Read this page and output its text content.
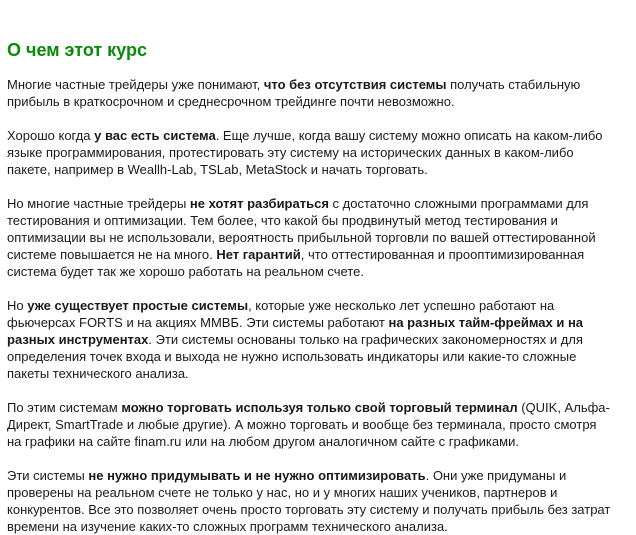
О чем этот курс
Многие частные трейдеры уже понимают, что без отсутствия системы получать стабильную
прибыль в краткосрочном и среднесрочном трейдинге почти невозможно.
Хорошо когда у вас есть система. Еще лучше, когда вашу систему можно описать на каком-либо
языке программирования, протестировать эту систему на исторических данных в каком-либо
пакете, например в Weallh-Lab, TSLab, MetaStock и начать торговать.
Но многие частные трейдеры не хотят разбираться с достаточно сложными программами для
тестирования и оптимизации. Тем более, что какой бы продвинутый метод тестирования и
оптимизации вы не использовали, вероятность прибыльной торговли по вашей оттестированной
системе повышается не на много. Нет гарантий, что оттестированная и прооптимизированная
система будет так же хорошо работать на реальном счете.
Но уже существует простые системы, которые уже несколько лет успешно работают на
фьючерсах FORTS и на акциях ММВБ. Эти системы работают на разных тайм-фреймах и на
разных инструментах. Эти системы основаны только на графических закономерностях и для
определения точек входа и выхода не нужно использовать индикаторы или какие-то сложные
пакеты технического анализа.
По этим системам можно торговать используя только свой торговый терминал (QUIK, Альфа-
Директ, SmartTrade и любые другие). А можно торговать и вообще без терминала, просто смотря
на графики на сайте finam.ru или на любом другом аналогичном сайте с графиками.
Эти системы не нужно придумывать и не нужно оптимизировать. Они уже придуманы и
проверены на реальном счете не только у нас, но и у многих наших учеников, партнеров и
конкурентов. Все это позволяет очень просто торговать эту систему и получать прибыль без затрат
времени на изучение каких-то сложных программ технического анализа.
